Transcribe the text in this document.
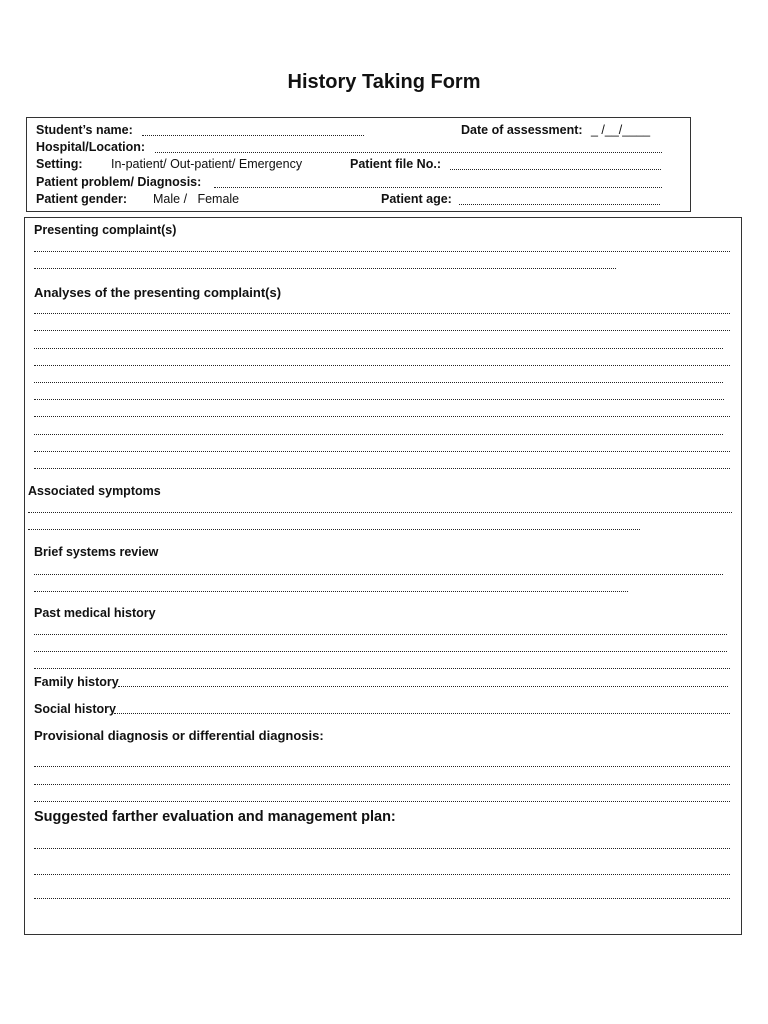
History Taking Form
Student’s name:	Date of assessment: _ /__/____
Hospital/Location:
Setting: In-patient/ Out-patient/ Emergency	Patient file No.:
Patient problem/ Diagnosis:
Patient gender: Male /   Female	Patient age:
Presenting complaint(s)
Analyses of the presenting complaint(s)
Associated symptoms
Brief systems review
Past medical history
Family history
Social history
Provisional diagnosis or differential diagnosis:
Suggested farther evaluation and management plan:
